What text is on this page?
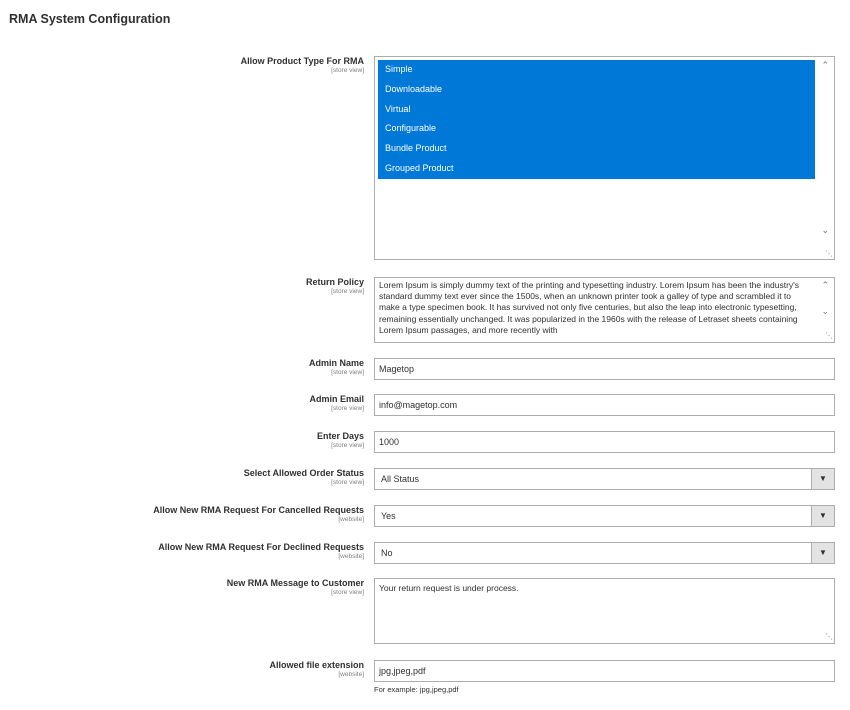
RMA System Configuration
Allow Product Type For RMA
[store view]	Simple
Downloadable
Virtual
Configurable
Bundle Product
Grouped Product
⌃
⌄
⋱
Return Policy
[store view]
Lorem Ipsum is simply dummy text of the printing and typesetting industry. Lorem Ipsum has been the industry's standard dummy text ever since the 1500s, when an unknown printer took a galley of type and scrambled it to make a type specimen book. It has survived not only five centuries, but also the leap into electronic typesetting, remaining essentially unchanged. It was popularized in the 1960s with the release of Letraset sheets containing Lorem Ipsum passages, and more recently with
⌃
⌄
⋱
Admin Name
[store view]	Magetop
Admin Email
[store view]	info@magetop.com
Enter Days
[store view]	1000
Select Allowed Order Status
[store view]	All Status	▼
Allow New RMA Request For Cancelled Requests
[website]	Yes	▼
Allow New RMA Request For Declined Requests
[website]	No	▼
New RMA Message to Customer
[store view]	Your return request is under process.
⋱
Allowed file extension
[website]	jpg,jpeg,pdf
For example: jpg,jpeg,pdf
